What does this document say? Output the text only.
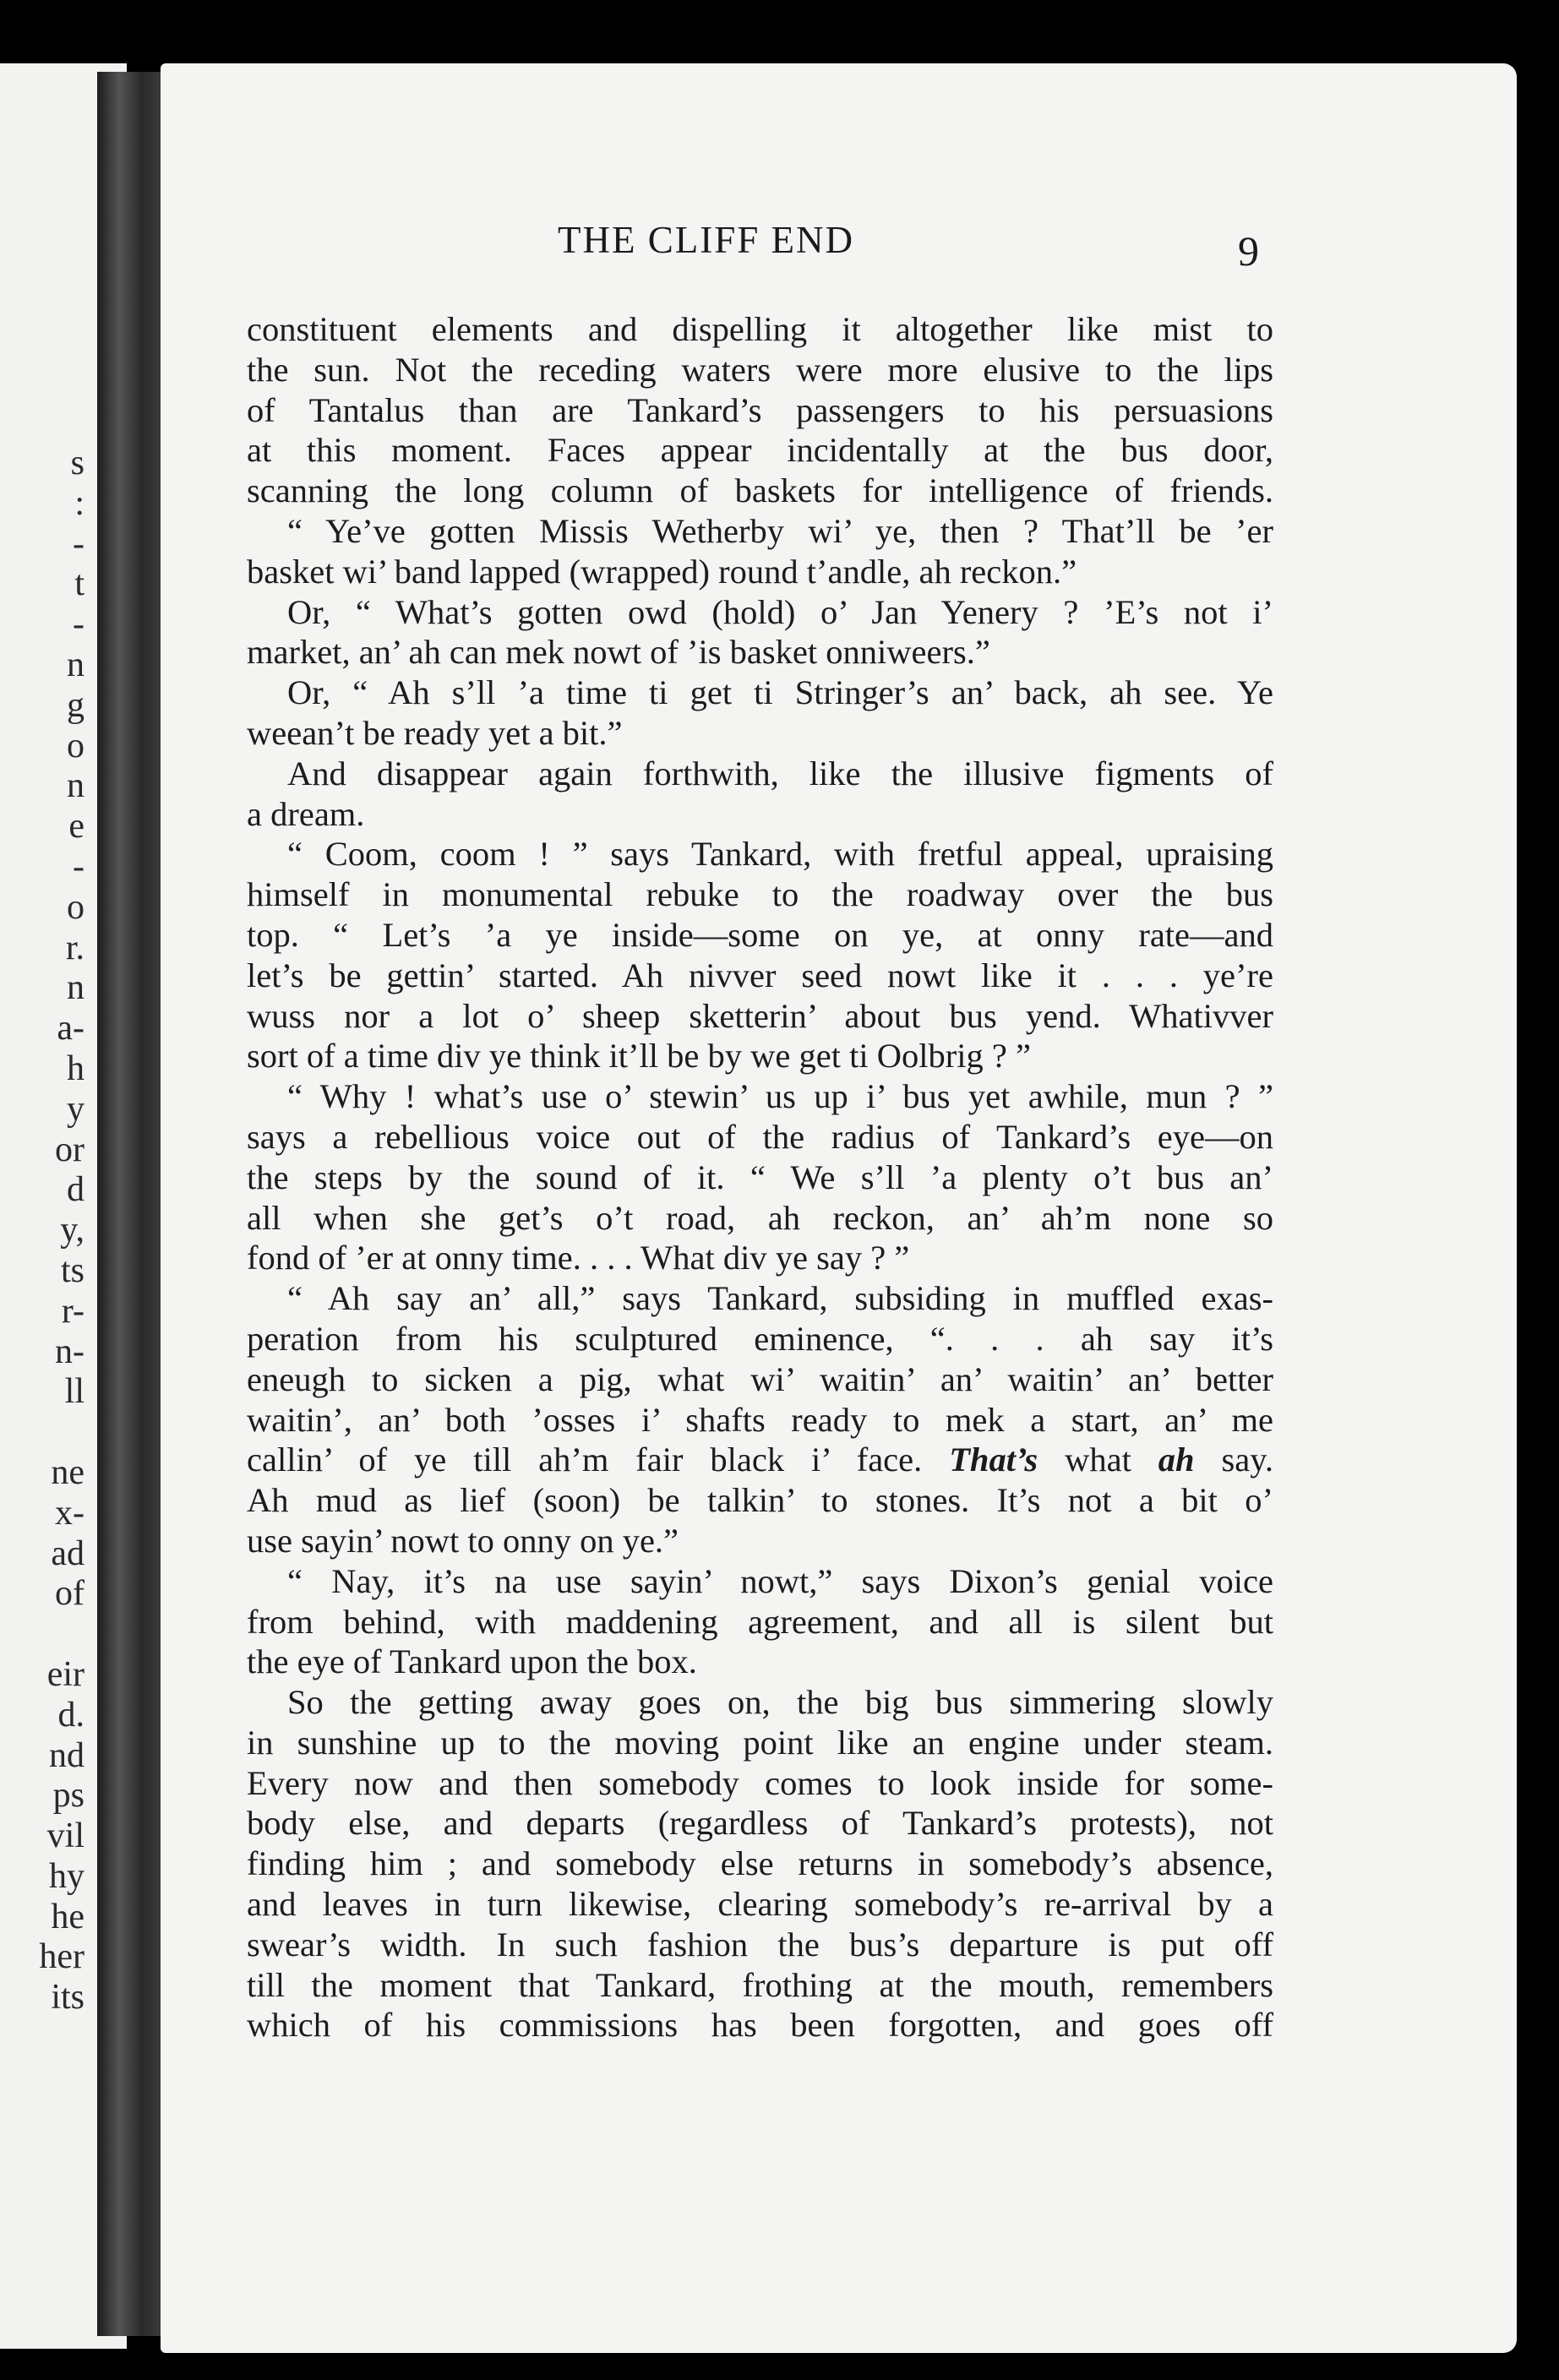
s
:
-
t
-
n
g
o
n
e
-
o
r.
n
a-
h
y
or
d
y,
ts
r-
n-
ll
ne
x-
ad
of
eir
d.
nd
ps
vil
hy
he
her
its
THE CLIFF END	9
constituent elements and dispelling it altogether like mist to
the sun. Not the receding waters were more elusive to the lips
of Tantalus than are Tankard’s passengers to his persuasions
at this moment. Faces appear incidentally at the bus door,
scanning the long column of baskets for intelligence of friends.
“ Ye’ve gotten Missis Wetherby wi’ ye, then ? That’ll be ’er
basket wi’ band lapped (wrapped) round t’andle, ah reckon.”
Or, “ What’s gotten owd (hold) o’ Jan Yenery ? ’E’s not i’
market, an’ ah can mek nowt of ’is basket onniweers.”
Or, “ Ah s’ll ’a time ti get ti Stringer’s an’ back, ah see. Ye
weean’t be ready yet a bit.”
And disappear again forthwith, like the illusive figments of
a dream.
“ Coom, coom ! ” says Tankard, with fretful appeal, upraising
himself in monumental rebuke to the roadway over the bus
top. “ Let’s ’a ye inside—some on ye, at onny rate—and
let’s be gettin’ started. Ah nivver seed nowt like it . . . ye’re
wuss nor a lot o’ sheep sketterin’ about bus yend. Whativver
sort of a time div ye think it’ll be by we get ti Oolbrig ? ”
“ Why ! what’s use o’ stewin’ us up i’ bus yet awhile, mun ? ”
says a rebellious voice out of the radius of Tankard’s eye—on
the steps by the sound of it. “ We s’ll ’a plenty o’t bus an’
all when she get’s o’t road, ah reckon, an’ ah’m none so
fond of ’er at onny time. . . . What div ye say ? ”
“ Ah say an’ all,” says Tankard, subsiding in muffled exas-
peration from his sculptured eminence, “. . . ah say it’s
eneugh to sicken a pig, what wi’ waitin’ an’ waitin’ an’ better
waitin’, an’ both ’osses i’ shafts ready to mek a start, an’ me
callin’ of ye till ah’m fair black i’ face. That’s what ah say.
Ah mud as lief (soon) be talkin’ to stones. It’s not a bit o’
use sayin’ nowt to onny on ye.”
“ Nay, it’s na use sayin’ nowt,” says Dixon’s genial voice
from behind, with maddening agreement, and all is silent but
the eye of Tankard upon the box.
So the getting away goes on, the big bus simmering slowly
in sunshine up to the moving point like an engine under steam.
Every now and then somebody comes to look inside for some-
body else, and departs (regardless of Tankard’s protests), not
finding him ; and somebody else returns in somebody’s absence,
and leaves in turn likewise, clearing somebody’s re-arrival by a
swear’s width. In such fashion the bus’s departure is put off
till the moment that Tankard, frothing at the mouth, remembers
which of his commissions has been forgotten, and goes off
